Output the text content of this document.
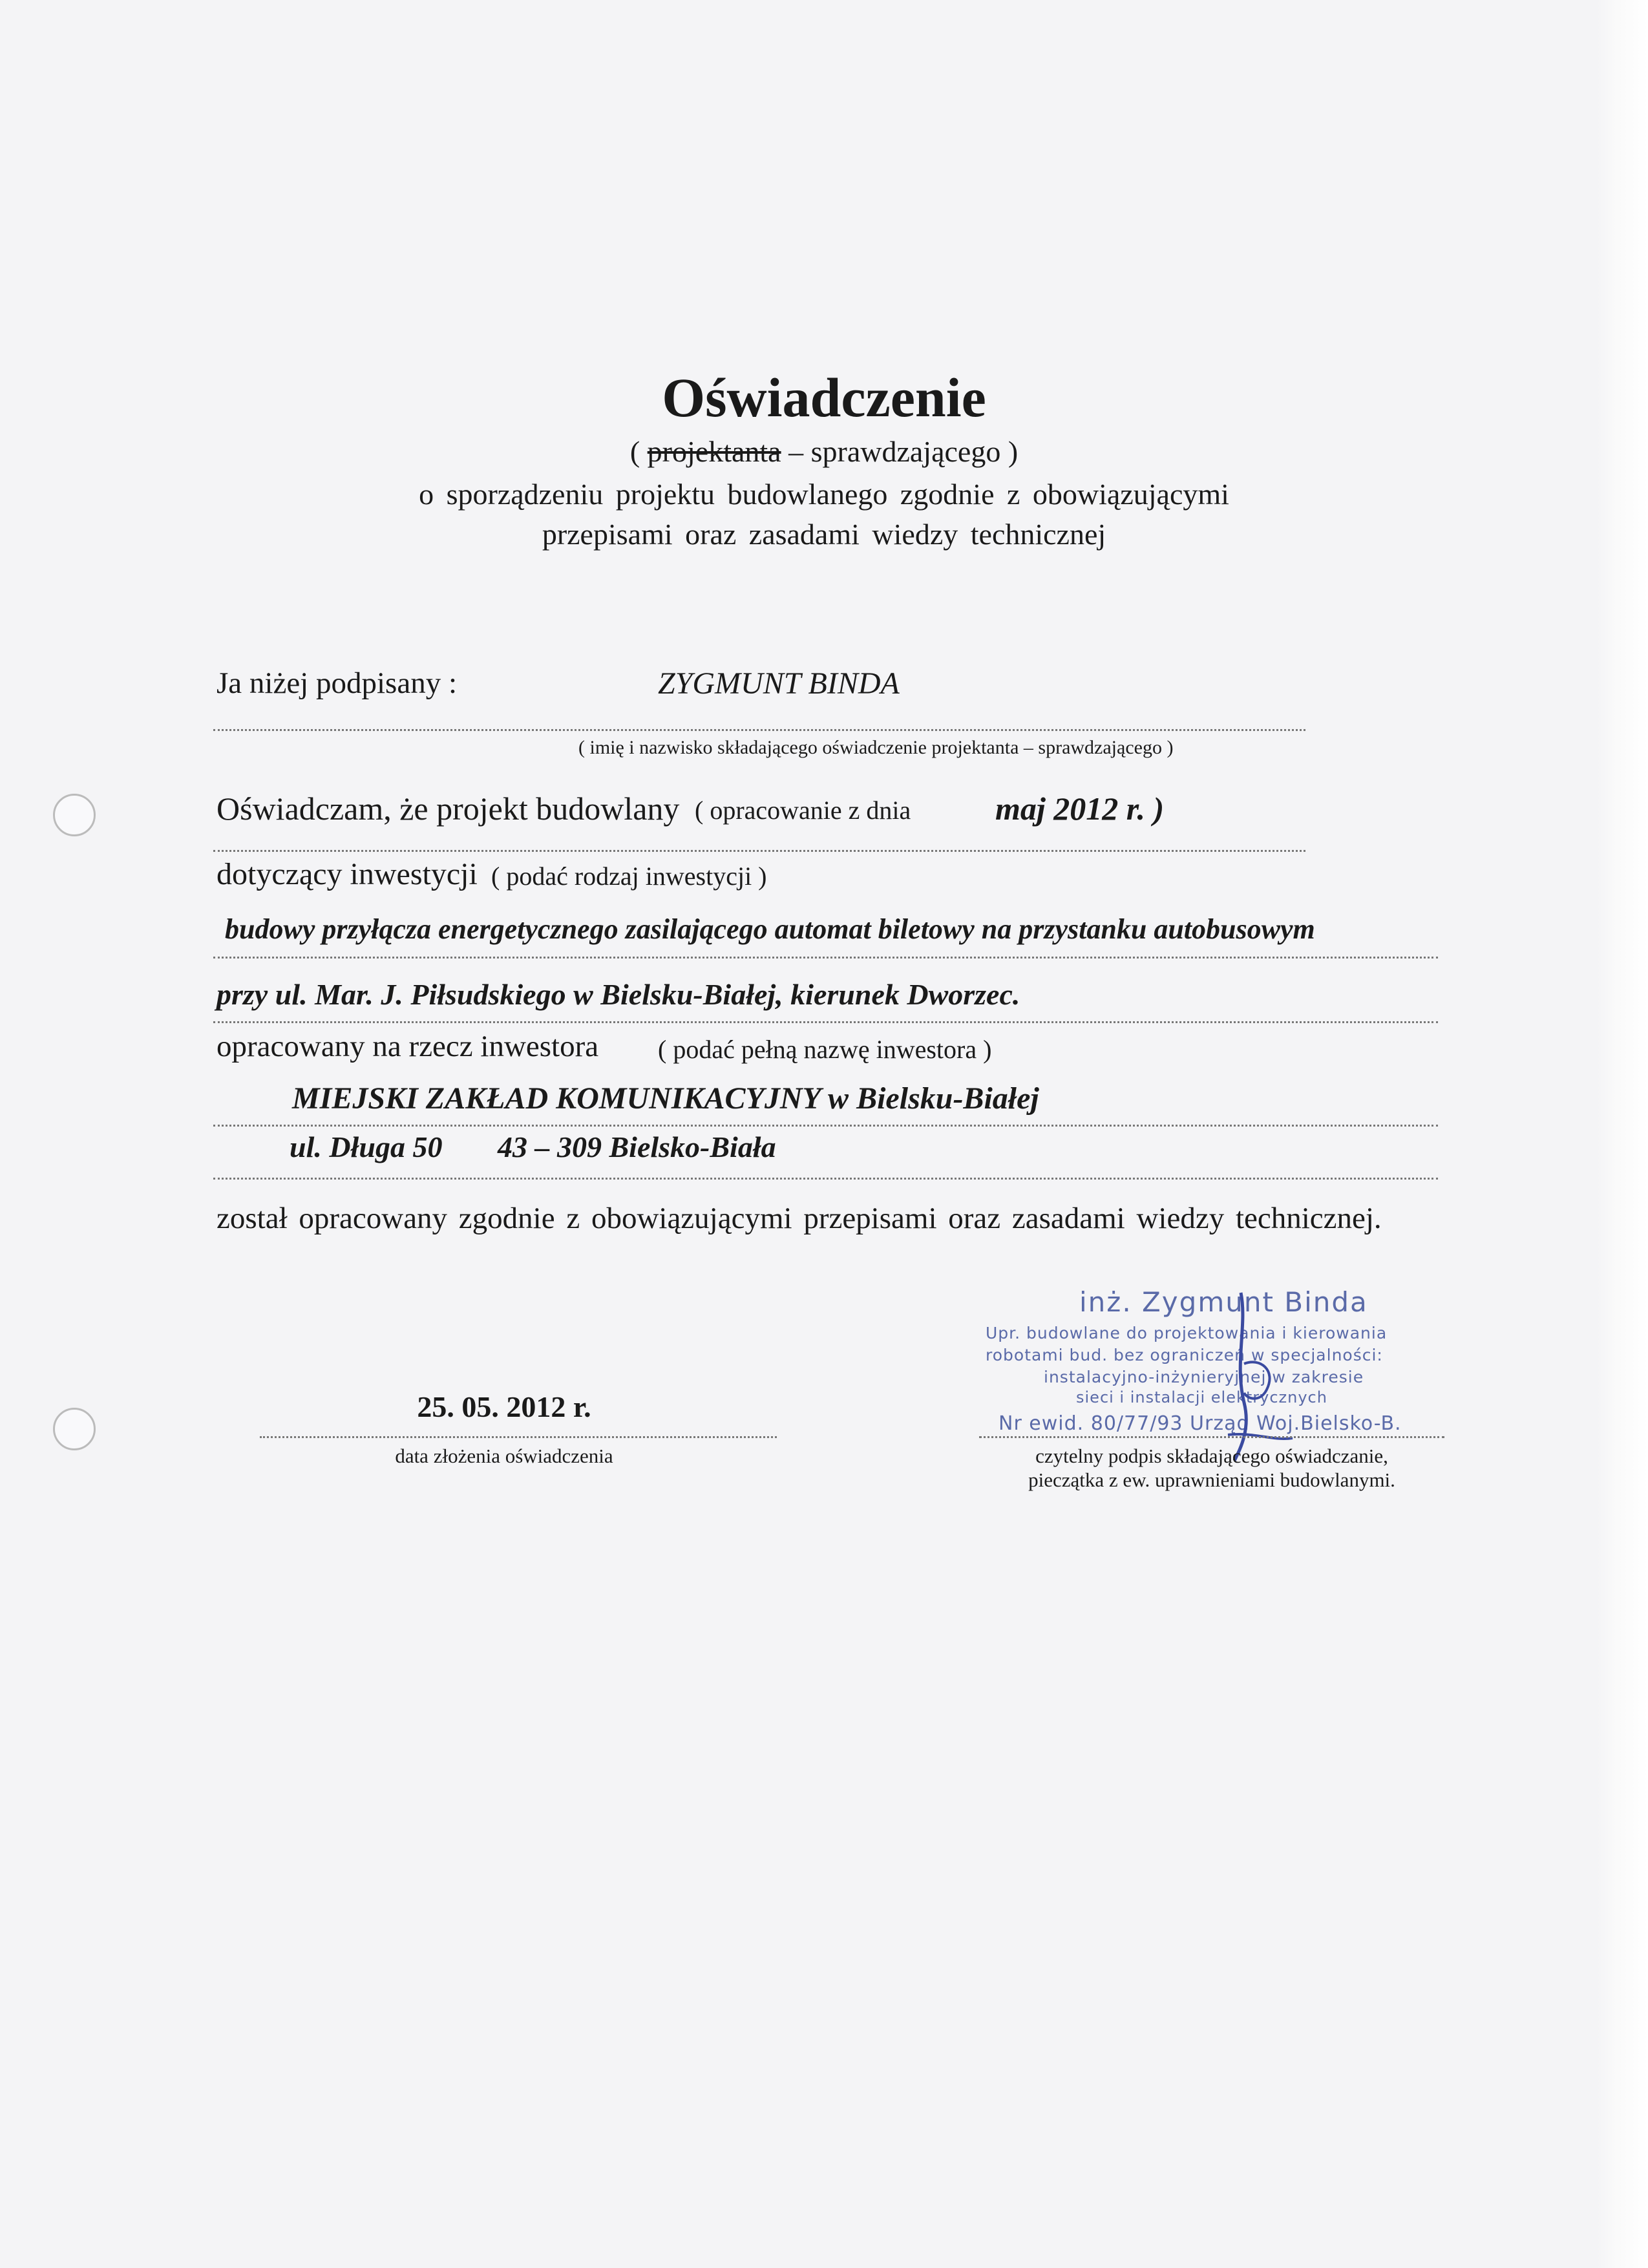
Oświadczenie
( projektanta – sprawdzającego )
o sporządzeniu projektu budowlanego zgodnie z obowiązującymi
przepisami oraz zasadami wiedzy technicznej
Ja niżej podpisany :	ZYGMUNT BINDA
( imię i nazwisko składającego oświadczenie projektanta – sprawdzającego )
Oświadczam, że projekt budowlany ( opracowanie z dnia	maj 2012 r. )
dotyczący inwestycji ( podać rodzaj inwestycji )
budowy przyłącza energetycznego zasilającego automat biletowy na przystanku autobusowym
przy ul. Mar. J. Piłsudskiego w Bielsku-Białej, kierunek Dworzec.
opracowany na rzecz inwestora ( podać pełną nazwę inwestora )
MIEJSKI ZAKŁAD KOMUNIKACYJNY w Bielsku-Białej
ul. Długa 50 43 – 309 Bielsko-Biała
został opracowany zgodnie z obowiązującymi przepisami oraz zasadami wiedzy technicznej.
25. 05. 2012 r.
data złożenia oświadczenia
inż. Zygmunt Binda
Upr. budowlane do projektowania i kierowania
robotami bud. bez ograniczeń w specjalności:
instalacyjno-inżynieryjnej w zakresie
sieci i instalacji elektrycznych
Nr ewid. 80/77/93 Urząd Woj.Bielsko-B.
czytelny podpis składającego oświadczanie,
pieczątka z ew. uprawnieniami budowlanymi.
